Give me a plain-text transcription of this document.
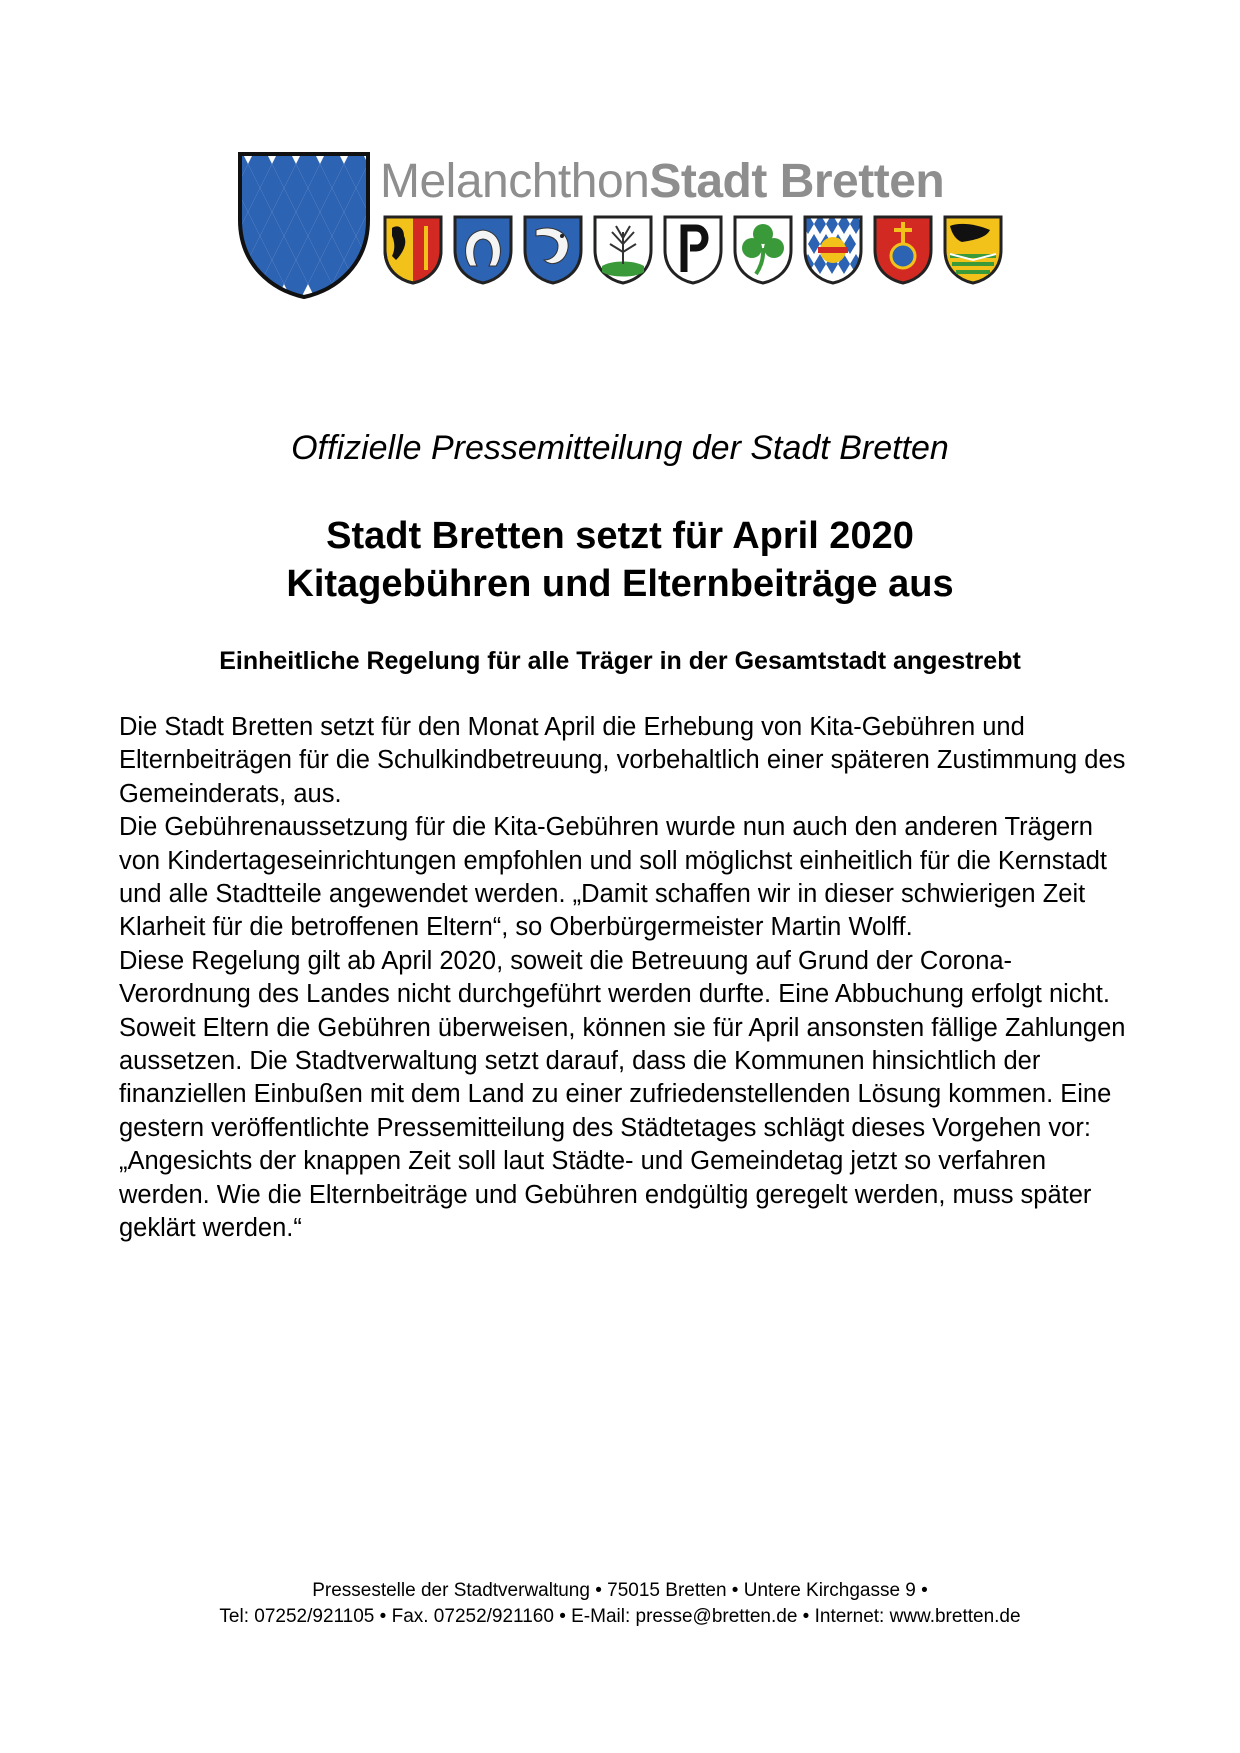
MelanchthonStadt Bretten
Offizielle Pressemitteilung der Stadt Bretten
Stadt Bretten setzt für April 2020
Kitagebühren und Elternbeiträge aus
Einheitliche Regelung für alle Träger in der Gesamtstadt angestrebt

Die Stadt Bretten setzt für den Monat April die Erhebung von Kita-Gebühren und Elternbeiträgen für die Schulkindbetreuung, vorbehaltlich einer späteren Zustimmung des Gemeinderats, aus.

Die Gebührenaussetzung für die Kita-Gebühren wurde nun auch den anderen Trägern von Kindertageseinrichtungen empfohlen und soll möglichst einheitlich für die Kernstadt und alle Stadtteile angewendet werden. „Damit schaffen wir in dieser schwierigen Zeit Klarheit für die betroffenen Eltern“, so Oberbürgermeister Martin Wolff.

Diese Regelung gilt ab April 2020, soweit die Betreuung auf Grund der Corona-Verordnung des Landes nicht durchgeführt werden durfte. Eine Abbuchung erfolgt nicht. Soweit Eltern die Gebühren überweisen, können sie für April ansonsten fällige Zahlungen aussetzen. Die Stadtverwaltung setzt darauf, dass die Kommunen hinsichtlich der finanziellen Einbußen mit dem Land zu einer zufriedenstellenden Lösung kommen. Eine gestern veröffentlichte Pressemitteilung des Städtetages schlägt dieses Vorgehen vor: „Angesichts der knappen Zeit soll laut Städte- und Gemeindetag jetzt so verfahren werden. Wie die Elternbeiträge und Gebühren endgültig geregelt werden, muss später geklärt werden.“

Pressestelle der Stadtverwaltung • 75015 Bretten • Untere Kirchgasse 9 •
Tel: 07252/921105 • Fax. 07252/921160 • E-Mail: presse@bretten.de • Internet: www.bretten.de
